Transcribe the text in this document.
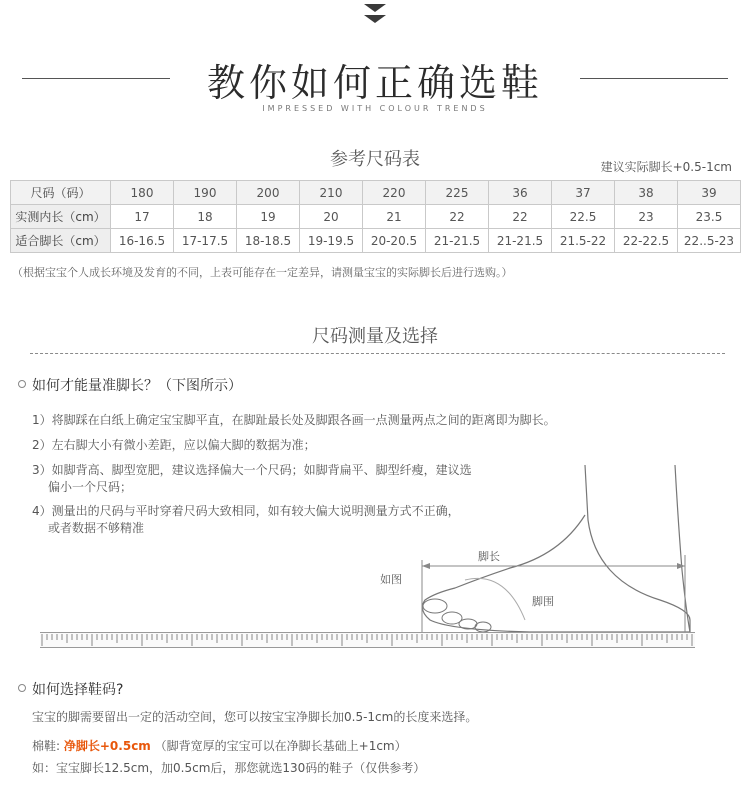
教你如何正确选鞋
IMPRESSED WITH COLOUR TRENDS
参考尺码表	建议实际脚长+0.5-1cm
尺码（码）	180	190	200	210	220	225	36	37	38	39
实测内长（cm）	17	18	19	20	21	22	22	22.5	23	23.5
适合脚长（cm）	16-16.5	17-17.5	18-18.5	19-19.5	20-20.5	21-21.5	21-21.5	21.5-22	22-22.5	22..5-23
（根据宝宝个人成长环境及发育的不同，上表可能存在一定差异，请测量宝宝的实际脚长后进行选购。）
尺码测量及选择
如何才能量准脚长？（下图所示）
1）将脚踩在白纸上确定宝宝脚平直，在脚趾最长处及脚跟各画一点测量两点之间的距离即为脚长。
2）左右脚大小有微小差距，应以偏大脚的数据为准；
3）如脚背高、脚型宽肥，建议选择偏大一个尺码；如脚背扁平、脚型纤瘦，建议选
偏小一个尺码；
4）测量出的尺码与平时穿着尺码大致相同，如有较大偏大说明测量方式不正确，
或者数据不够精准
脚长
脚围
如图
如何选择鞋码?
宝宝的脚需要留出一定的活动空间，您可以按宝宝净脚长加0.5-1cm的长度来选择。
棉鞋: 净脚长+0.5cm （脚背宽厚的宝宝可以在净脚长基础上+1cm）
如：宝宝脚长12.5cm，加0.5cm后，那您就选130码的鞋子（仅供参考）
